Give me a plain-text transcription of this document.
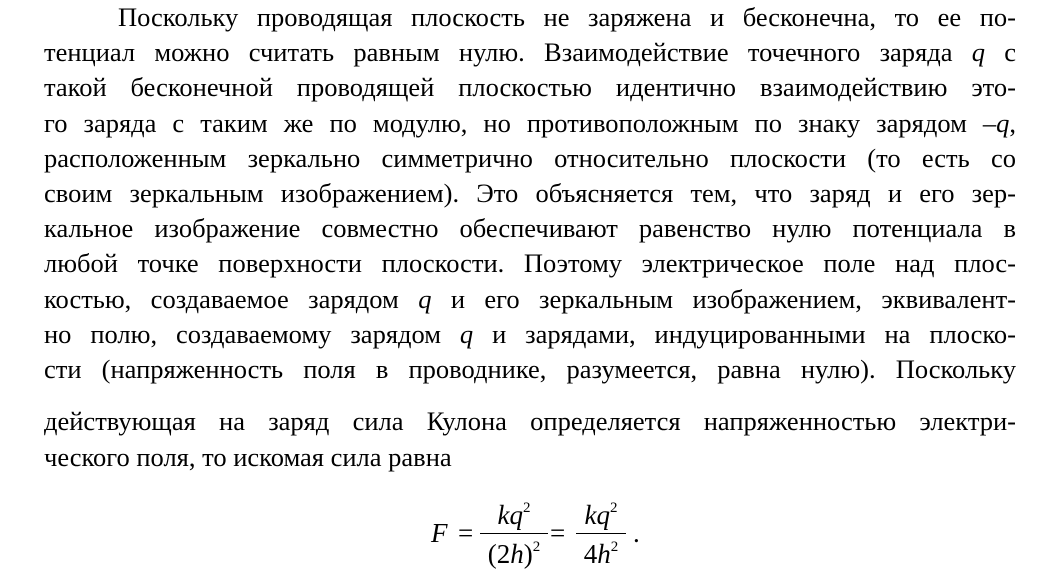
Поскольку проводящая плоскость не заряжена и бесконечна, то ее по-
тенциал можно считать равным нулю. Взаимодействие точечного заряда q с
такой бесконечной проводящей плоскостью идентично взаимодействию это-
го заряда с таким же по модулю, но противоположным по знаку зарядом –q,
расположенным зеркально симметрично относительно плоскости (то есть со
своим зеркальным изображением). Это объясняется тем, что заряд и его зер-
кальное изображение совместно обеспечивают равенство нулю потенциала в
любой точке поверхности плоскости. Поэтому электрическое поле над плос-
костью, создаваемое зарядом q и его зеркальным изображением, эквивалент-
но полю, создаваемому зарядом q и зарядами, индуцированными на плоско-
сти (напряженность поля в проводнике, разумеется, равна нулю). Поскольку
действующая на заряд сила Кулона определяется напряженностью электри-
ческого поля, то искомая сила равна
F =
$kq^2$
$(2h)^2$ =
$kq^2$
$4h^2$ .
